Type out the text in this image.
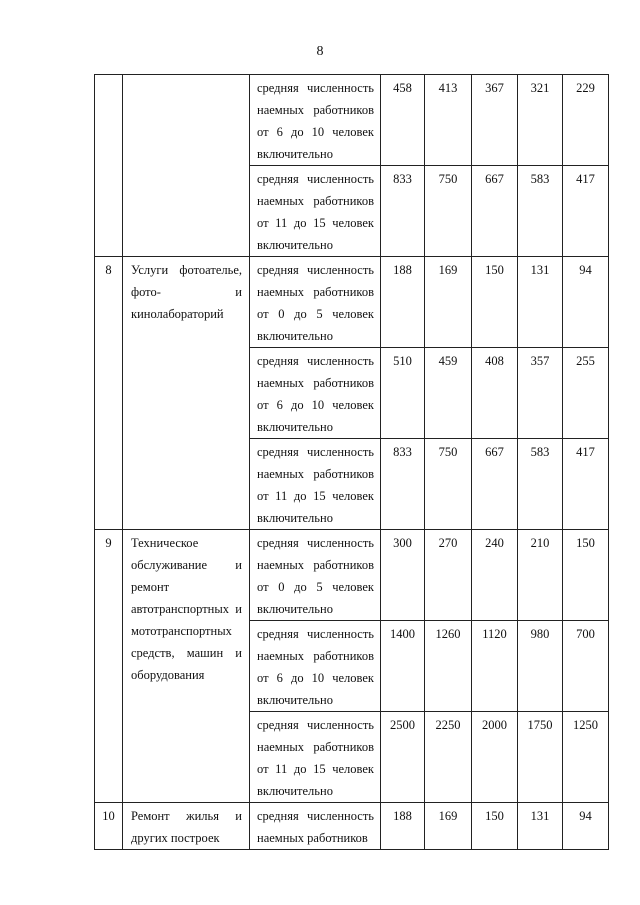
8
		средняя численность наемных работников от 6 до 10 человек включительно	458	413	367	321	229
		средняя численность наемных работников от 11 до 15 человек включительно	833	750	667	583	417
8	Услуги фотоателье, фото- и кинолабораторий	средняя численность наемных работников от 0 до 5 человек включительно	188	169	150	131	94
		средняя численность наемных работников от 6 до 10 человек включительно	510	459	408	357	255
		средняя численность наемных работников от 11 до 15 человек включительно	833	750	667	583	417
9	Техническое обслуживание и ремонт автотранспортных и мототранспортных средств, машин и оборудования	средняя численность наемных работников от 0 до 5 человек включительно	300	270	240	210	150
		средняя численность наемных работников от 6 до 10 человек включительно	1400	1260	1120	980	700
		средняя численность наемных работников от 11 до 15 человек включительно	2500	2250	2000	1750	1250
10	Ремонт жилья и других построек	средняя численность наемных работников	188	169	150	131	94
